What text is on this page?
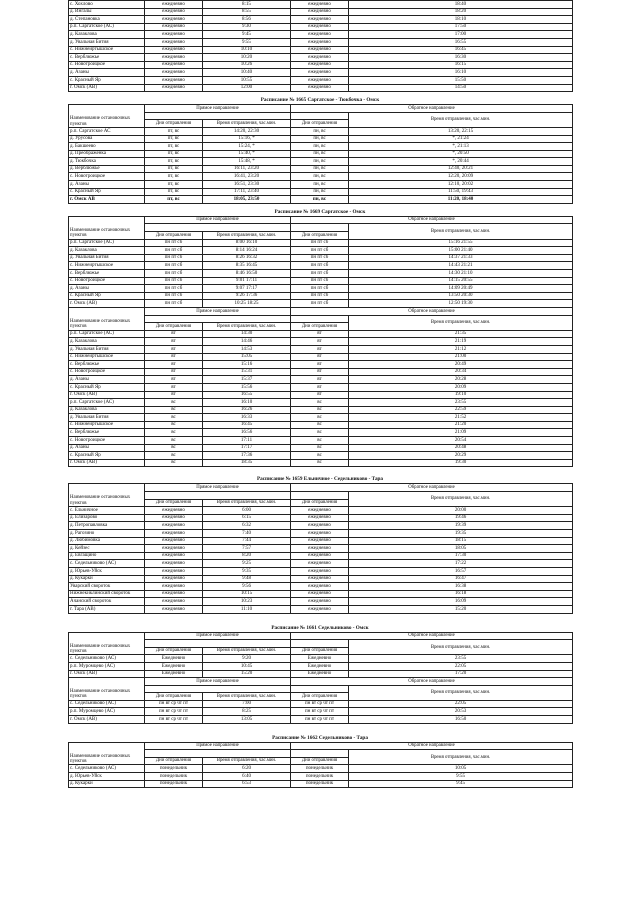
с. Хохлово	ежедневно	8:15	ежедневно	18:40
д. Ингалы	ежедневно	8:55	ежедневно	18:20
д. Степановка	ежедневно	8:56	ежедневно	18:10
р.п. Саргатское (АС)	ежедневно	9:30	ежедневно	17:50
д. Казаклова	ежедневно	9:45	ежедневно	17:00
д. Увальная Бития	ежедневно	9:55	ежедневно	16:55
с. Нижнеиртышское	ежедневно	10:10	ежедневно	16:45
с. Верблюжье	ежедневно	10:20	ежедневно	16:30
с. Новотроицкое	ежедневно	10:26	ежедневно	16:15
д. Азаны	ежедневно	10:40	ежедневно	16:10
с. Красный Яр	ежедневно	10:55	ежедневно	15:50
г. Омск (АВ)	ежедневно	12:00	ежедневно	14:50
Расписание № 1665 Саргатское - Тюкбочка - Омск
Наименование остановочных пунктов	Прямое направление		Обратное направление	
				Время отправления, час.мин.
	Дни отправления	Время отправления, час.мин.	Дни отправления	
р.п. Саргатское АС	пт, вс	14:20, 22:30	пн, вс	13:20, 22:15
д. Урусова	пт, вс	15:16, *	пн, вс	*, 21:24
д. Бакшеево	пт, вс	15:24, *	пн, вс	*, 21:13
д. Преображенка	пт, вс	15:40, *	пн, вс	*, 20:50
д. Тюкбочка	пт, вс	15:48, *	пн, вс	*, 20:44
д. Верблюжье	пт, вс	16:11, 23:20	пн, вс	12:40, 20:21
с. Новотроицкое	пт, вс	16:41, 23:20	пн, вс	12:20, 20:09
д. Азаны	пт, вс	16:51, 23:30	пн, вс	12:10, 20:02
с. Красный Яр	пт, вс	17:11, 23:40	пн, вс	11:50, 19:43
г. Омск АВ	пт, вс	18:05, 23:50	пн, вс	11:20, 18:40
Расписание № 1669 Саргатское - Омск
Наименование остановочных пунктов	Прямое направление		Обратное направление	
				Время отправления, час.мин.
	Дни отправления	Время отправления, час.мин.	Дни отправления	
р.п. Саргатское (АС)	пн пт сб	8:00 16:10	пн пт сб	15:16 21:55
д. Казаклова	пн пт сб	8:14 16:24	пн пт сб	15:00 21:40
д. Увальная Бития	пн пт сб	8:26 16:32	пн пт сб	14:37 21:33
с. Нижнеиртышское	пн пт сб	8:35 16:45	пн пт сб	14:43 21:21
с. Верблюжье	пн пт сб	8:46 16:50	пн пт сб	14:30 21:10
с. Новотроицкое	пн пт сб	9:01 17:11	пн пт сб	14:15 20:55
д. Азаны	пн пт сб	9:07 17:17	пн пт сб	14:09 20:49
с. Красный Яр	пн пт сб	9:26 17:36	пн пт сб	13:50 20:30
г. Омск (АВ)	пн пт сб	10:25 18:25	пн пт сб	12:50 19:30
Наименование остановочных пунктов	Прямое направление		Обратное направление	
				Время отправления, час.мин.
	Дни отправления	Время отправления, час.мин.	Дни отправления	
р.п. Саргатское (АС)	вт	14:30	вт	21:35
д. Казаклова	вт	14:46	вт	21:19
д. Увальная Бития	вт	14:53	вт	21:12
с. Нижнеиртышское	вт	15:05	вт	21:00
с. Верблюжье	вт	15:16	вт	20:49
с. Новотроицкое	вт	15:31	вт	20:34
д. Азаны	вт	15:37	вт	20:28
с. Красный Яр	вт	15:56	вт	20:09
г. Омск (АВ)	вт	16:55	вт	19:10
р.п. Саргатское (АС)	вс	16:10	вс	23:55
д. Казаклова	вс	16:26	вс	22:59
д. Увальная Бития	вс	16:33	вс	21:52
с. Нижнеиртышское	вс	16:45	вс	21:20
с. Верблюжье	вс	16:56	вс	21:09
с. Новотроицкое	вс	17:11	вс	20:54
д. Азаны	вс	17:17	вс	20:48
с. Красный Яр	вс	17:36	вс	20:29
г. Омск (АВ)	вс	18:35	вс	19:30
Расписание № 1659 Ельничное - Седельниково - Тара
Наименование остановочных пунктов	Прямое направление		Обратное направление	
				Время отправления, час.мин.
	Дни отправления	Время отправления, час.мин.	Дни отправления	
с. Ельничное	ежедневно	6:00	ежедневно	20:00
д. Елизарово	ежедневно	6:15	ежедневно	19:46
д. Петропавловка	ежедневно	6:32	ежедневно	19:39
д. Рагозино	ежедневно	7:40	ежедневно	19:35
д. Любимовка	ежедневно	7:44	ежедневно	18:15
д. Кейзес	ежедневно	7:57	ежедневно	18:05
д. Евгащино	ежедневно	8:20	ежедневно	17:30
с. Седельниково (АС)	ежедневно	9:25	ежедневно	17:22
д. Юрьев-Уйск	ежедневно	9:35	ежедневно	16:57
д. Кукарки	ежедневно	9:48	ежедневно	16:47
Уварский свороток	ежедневно	9:56	ежедневно	16:38
Нижнекиклинский свороток	ежедневно	10:15	ежедневно	16:18
Ачанский свороток	ежедневно	10:23	ежедневно	16:09
г. Тара (АВ)	ежедневно	11:10	ежедневно	15:20
Расписание № 1661 Седельниково - Омск
Наименование остановочных пунктов	Прямое направление		Обратное направление	
				Время отправления, час.мин.
	Дни отправления	Время отправления, час.мин.	Дни отправления	
с. Седельниково (АС)	Ежедневно	9:20	Ежедневно	23:55
р.п. Муромцево (АС)	Ежедневно	10:45	Ежедневно	22:05
г. Омск (АВ)	Ежедневно	15:20	Ежедневно	17:20
Наименование остановочных пунктов	Прямое направление		Обратное направление	
				Время отправления, час.мин.
	Дни отправления	Время отправления, час.мин.	Дни отправления	
с. Седельниково (АС)	пн вт ср чт пт	7:00	пн вт ср чт пт	22:05
р.п. Муромцево (АС)	пн вт ср чт пт	8:25	пн вт ср чт пт	20:53
г. Омск (АВ)	пн вт ср чт пт	13:05	пн вт ср чт пт	16:50
Расписание № 1662 Седельниково - Тара
Наименование остановочных пунктов	Прямое направление		Обратное направление	
				Время отправления, час.мин.
	Дни отправления	Время отправления, час.мин.	Дни отправления	
с. Седельниково (АС)	понедельник	6:20	понедельник	10:05
д. Юрьев-Уйск	понедельник	6:40	понедельник	9:55
д. Кукарки	понедельник	6:53	понедельник	9:45
